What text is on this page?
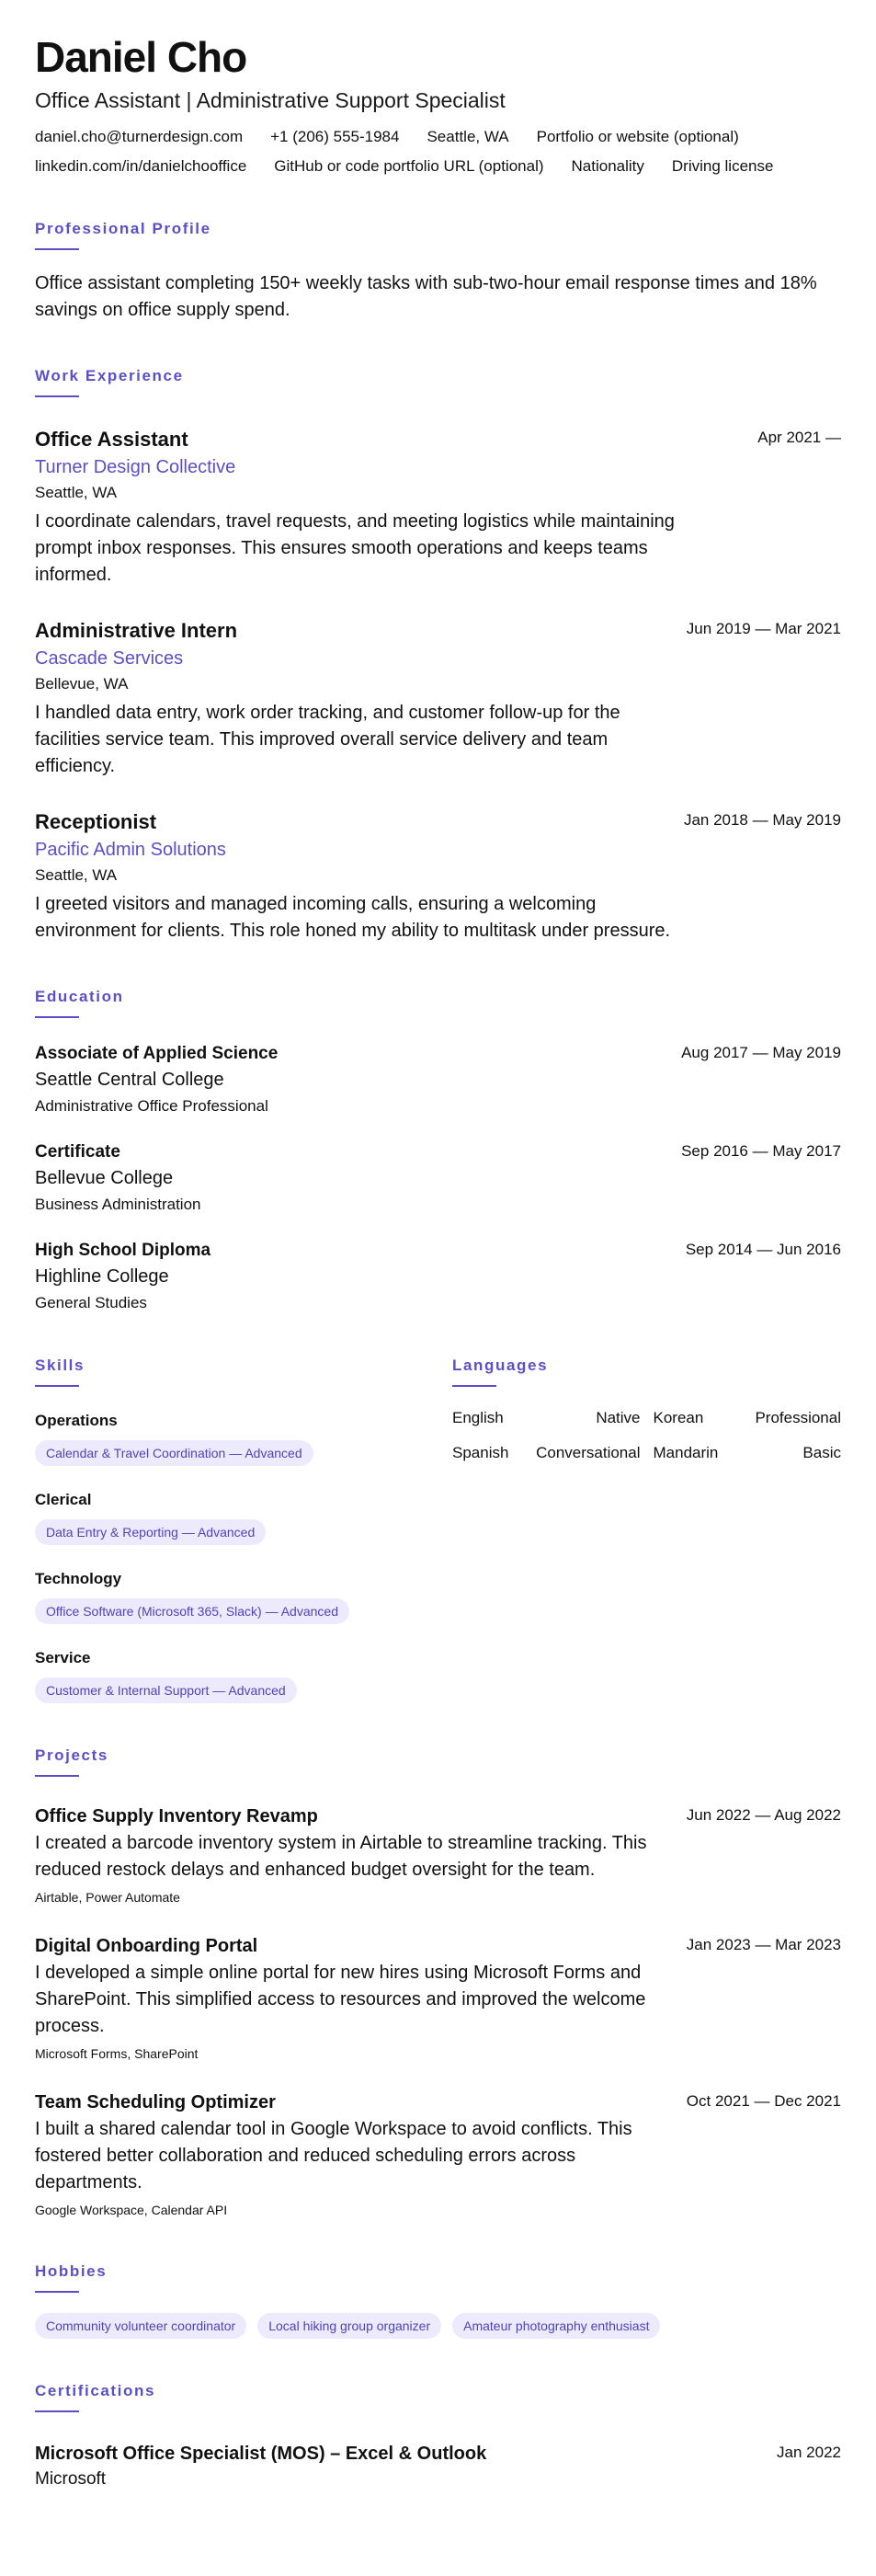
Daniel Cho
Office Assistant | Administrative Support Specialist
daniel.cho@turnerdesign.com +1 (206) 555-1984 Seattle, WA Portfolio or website (optional)
linkedin.com/in/danielchooffice GitHub or code portfolio URL (optional) Nationality Driving license
Professional Profile

Office assistant completing 150+ weekly tasks with sub-two-hour email response times and 18% savings on office supply spend.

Work Experience
Office Assistant
Turner Design Collective
Seattle, WA

I coordinate calendars, travel requests, and meeting logistics while maintaining prompt inbox responses. This ensures smooth operations and keeps teams informed.

Apr 2021 —
Administrative Intern
Cascade Services
Bellevue, WA

I handled data entry, work order tracking, and customer follow-up for the facilities service team. This improved overall service delivery and team efficiency.

Jun 2019 — Mar 2021
Receptionist
Pacific Admin Solutions
Seattle, WA

I greeted visitors and managed incoming calls, ensuring a welcoming environment for clients. This role honed my ability to multitask under pressure.

Jan 2018 — May 2019
Education
Associate of Applied Science
Seattle Central College
Administrative Office Professional
Aug 2017 — May 2019
Certificate
Bellevue College
Business Administration
Sep 2016 — May 2017
High School Diploma
Highline College
General Studies
Sep 2014 — Jun 2016
Skills
Operations
Calendar & Travel Coordination — Advanced
Clerical
Data Entry & Reporting — Advanced
Technology
Office Software (Microsoft 365, Slack) — Advanced
Service
Customer & Internal Support — Advanced
Languages
English	Native Korean	Professional
Spanish Conversational Mandarin	Basic
Projects
Office Supply Inventory Revamp

I created a barcode inventory system in Airtable to streamline tracking. This reduced restock delays and enhanced budget oversight for the team.

Airtable, Power Automate
Jun 2022 — Aug 2022
Digital Onboarding Portal

I developed a simple online portal for new hires using Microsoft Forms and SharePoint. This simplified access to resources and improved the welcome process.

Microsoft Forms, SharePoint
Jan 2023 — Mar 2023
Team Scheduling Optimizer

I built a shared calendar tool in Google Workspace to avoid conflicts. This fostered better collaboration and reduced scheduling errors across departments.

Google Workspace, Calendar API
Oct 2021 — Dec 2021
Hobbies
Community volunteer coordinator	Local hiking group organizer	Amateur photography enthusiast
Certifications
Microsoft Office Specialist (MOS) – Excel & Outlook
Microsoft
Jan 2022
